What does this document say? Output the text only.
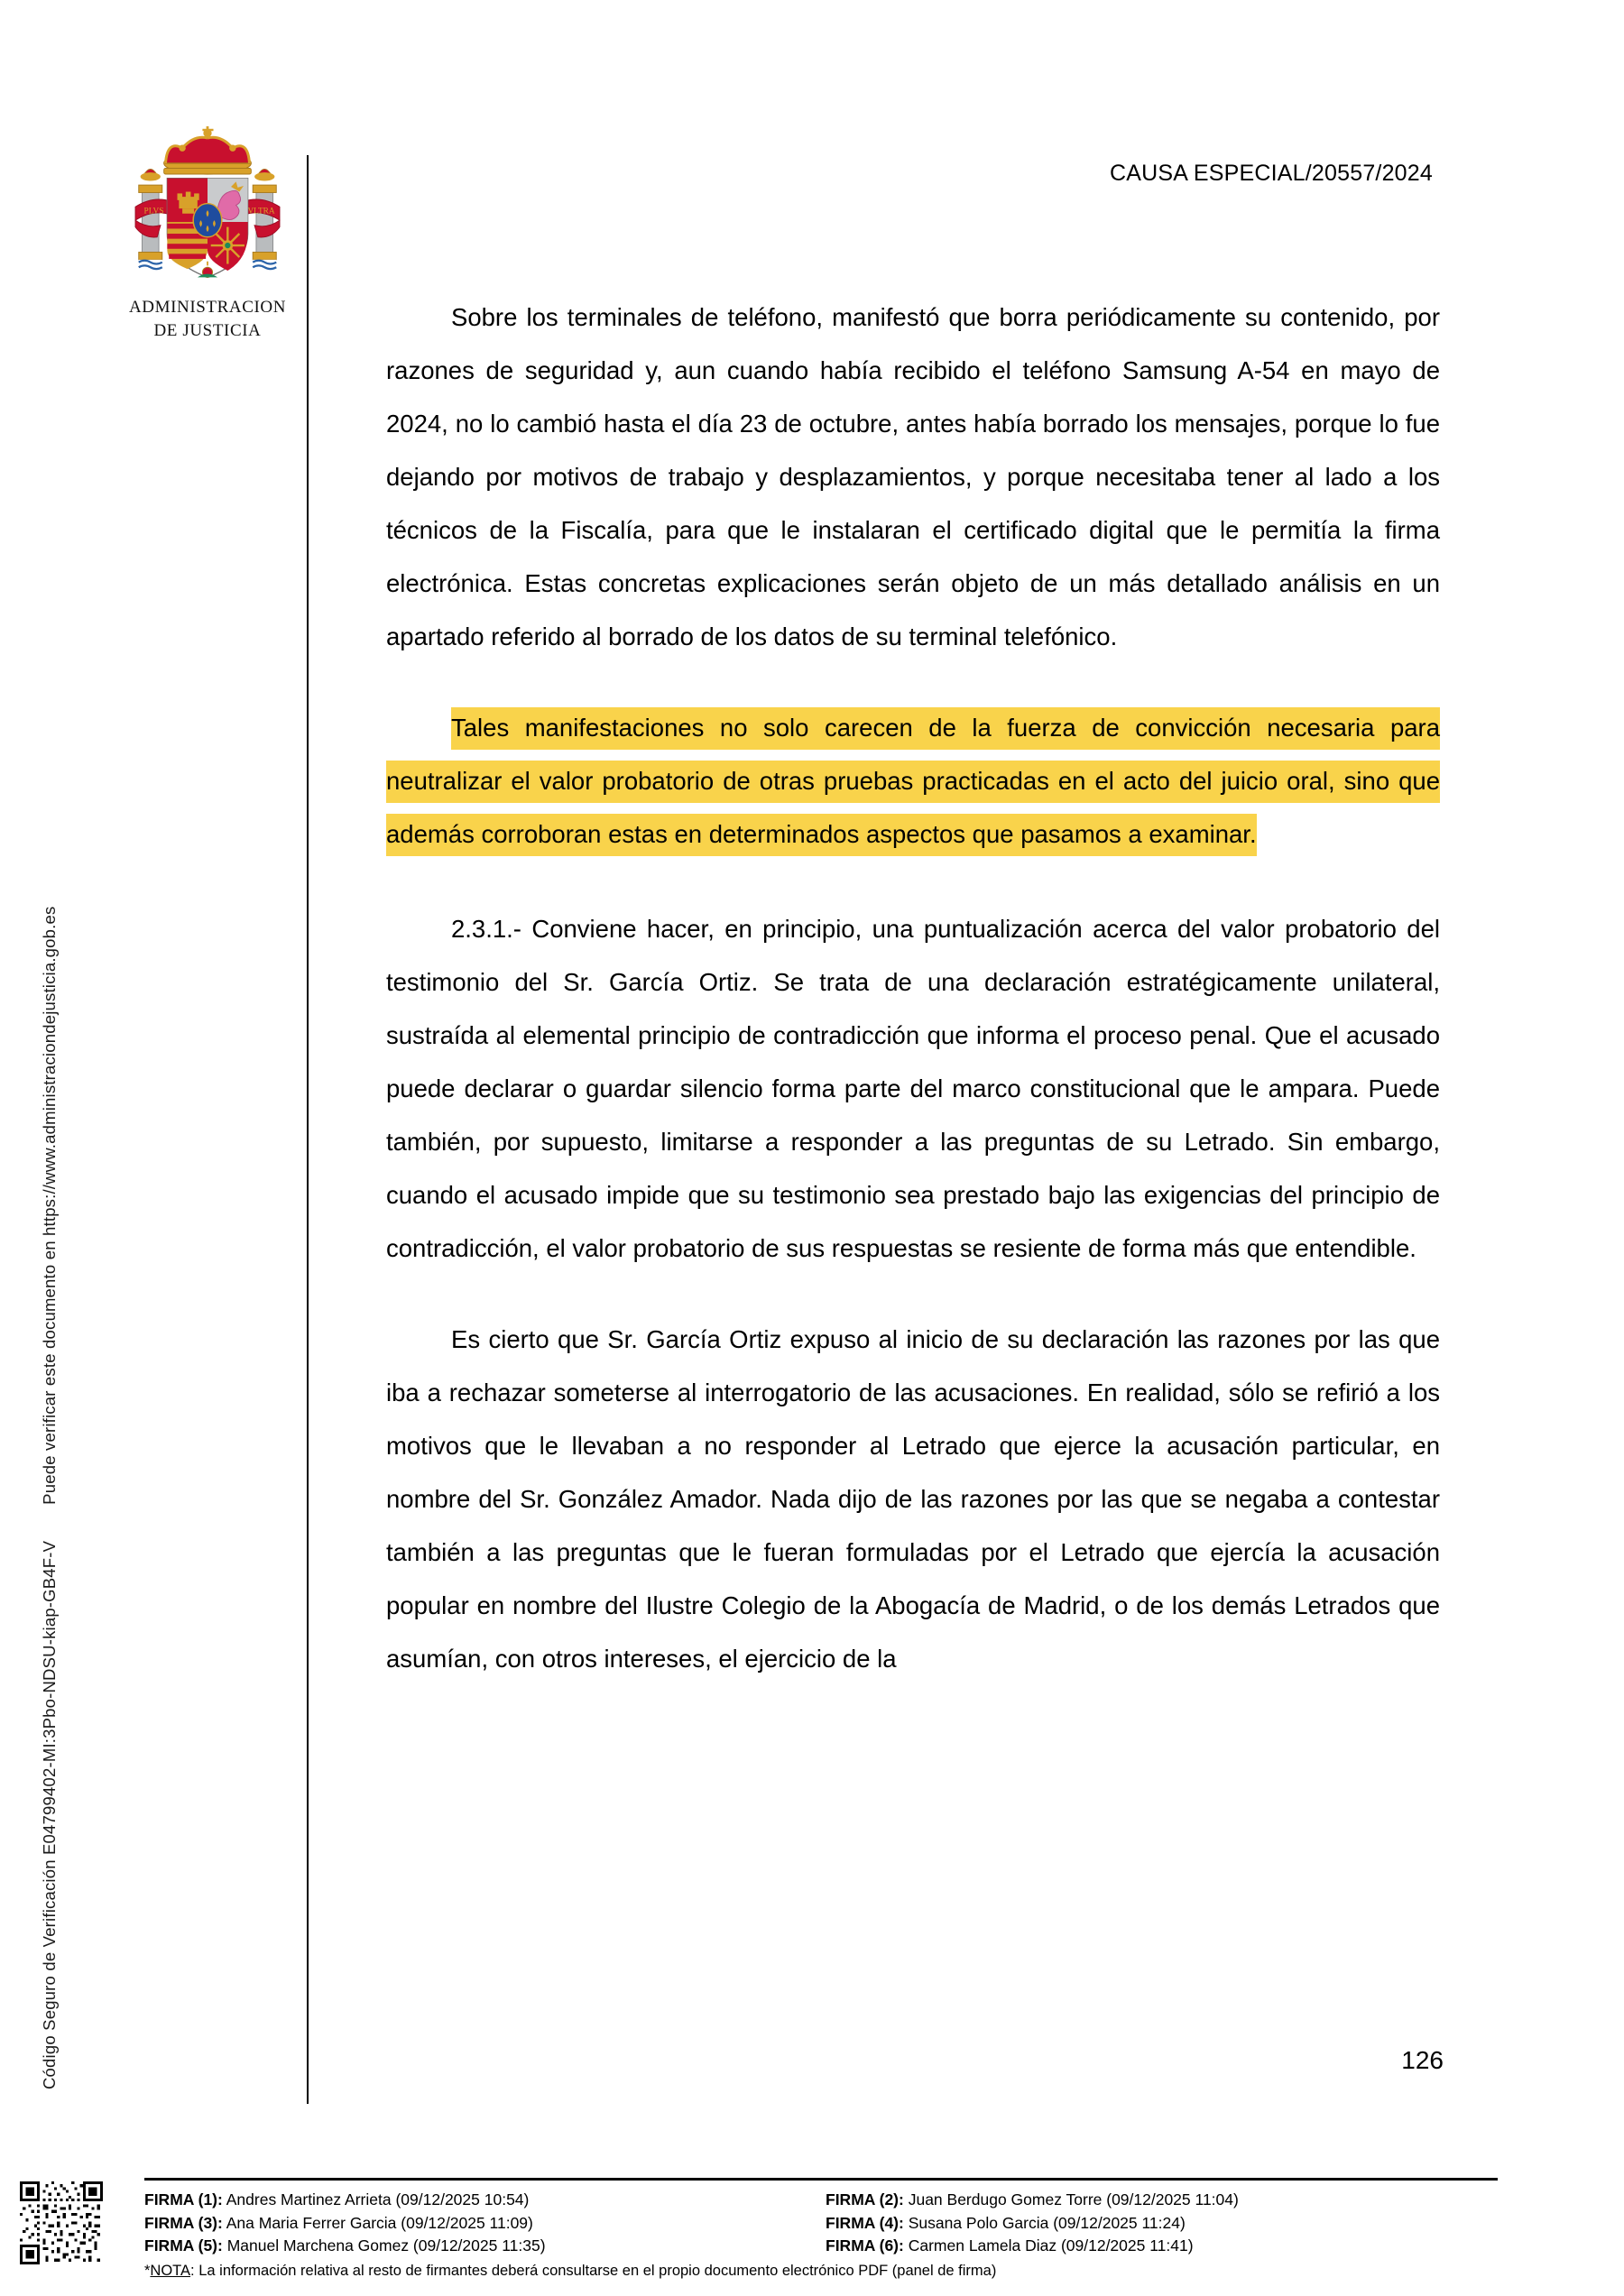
Código Seguro de Verificación E04799402-MI:3Pbo-NDSU-kiap-GB4F-VPuede verificar este documento en https://www.administraciondejusticia.gob.es
PLVS	VLTRA
ADMINISTRACION
DE JUSTICIA
CAUSA ESPECIAL/20557/2024

Sobre los terminales de teléfono, manifestó que borra periódicamente su contenido, por razones de seguridad y, aun cuando había recibido el teléfono Samsung A-54 en mayo de 2024, no lo cambió hasta el día 23 de octubre, antes había borrado los mensajes, porque lo fue dejando por motivos de trabajo y desplazamientos, y porque necesitaba tener al lado a los técnicos de la Fiscalía, para que le instalaran el certificado digital que le permitía la firma electrónica. Estas concretas explicaciones serán objeto de un más detallado análisis en un apartado referido al borrado de los datos de su terminal telefónico.

Tales manifestaciones no solo carecen de la fuerza de convicción necesaria para neutralizar el valor probatorio de otras pruebas practicadas en el acto del juicio oral, sino que además corroboran estas en determinados aspectos que pasamos a examinar.

2.3.1.- Conviene hacer, en principio, una puntualización acerca del valor probatorio del testimonio del Sr. García Ortiz. Se trata de una declaración estratégicamente unilateral, sustraída al elemental principio de contradicción que informa el proceso penal. Que el acusado puede declarar o guardar silencio forma parte del marco constitucional que le ampara. Puede también, por supuesto, limitarse a responder a las preguntas de su Letrado. Sin embargo, cuando el acusado impide que su testimonio sea prestado bajo las exigencias del principio de contradicción, el valor probatorio de sus respuestas se resiente de forma más que entendible.

Es cierto que Sr. García Ortiz expuso al inicio de su declaración las razones por las que iba a rechazar someterse al interrogatorio de las acusaciones. En realidad, sólo se refirió a los motivos que le llevaban a no responder al Letrado que ejerce la acusación particular, en nombre del Sr. González Amador. Nada dijo de las razones por las que se negaba a contestar también a las preguntas que le fueran formuladas por el Letrado que ejercía la acusación popular en nombre del Ilustre Colegio de la Abogacía de Madrid, o de los demás Letrados que asumían, con otros intereses, el ejercicio de la

126
FIRMA (1): Andres Martinez Arrieta (09/12/2025 10:54)	FIRMA (2): Juan Berdugo Gomez Torre (09/12/2025 11:04)
FIRMA (3): Ana Maria Ferrer Garcia (09/12/2025 11:09)	FIRMA (4): Susana Polo Garcia (09/12/2025 11:24)
FIRMA (5): Manuel Marchena Gomez (09/12/2025 11:35)	FIRMA (6): Carmen Lamela Diaz (09/12/2025 11:41)
*NOTA: La información relativa al resto de firmantes deberá consultarse en el propio documento electrónico PDF (panel de firma)
